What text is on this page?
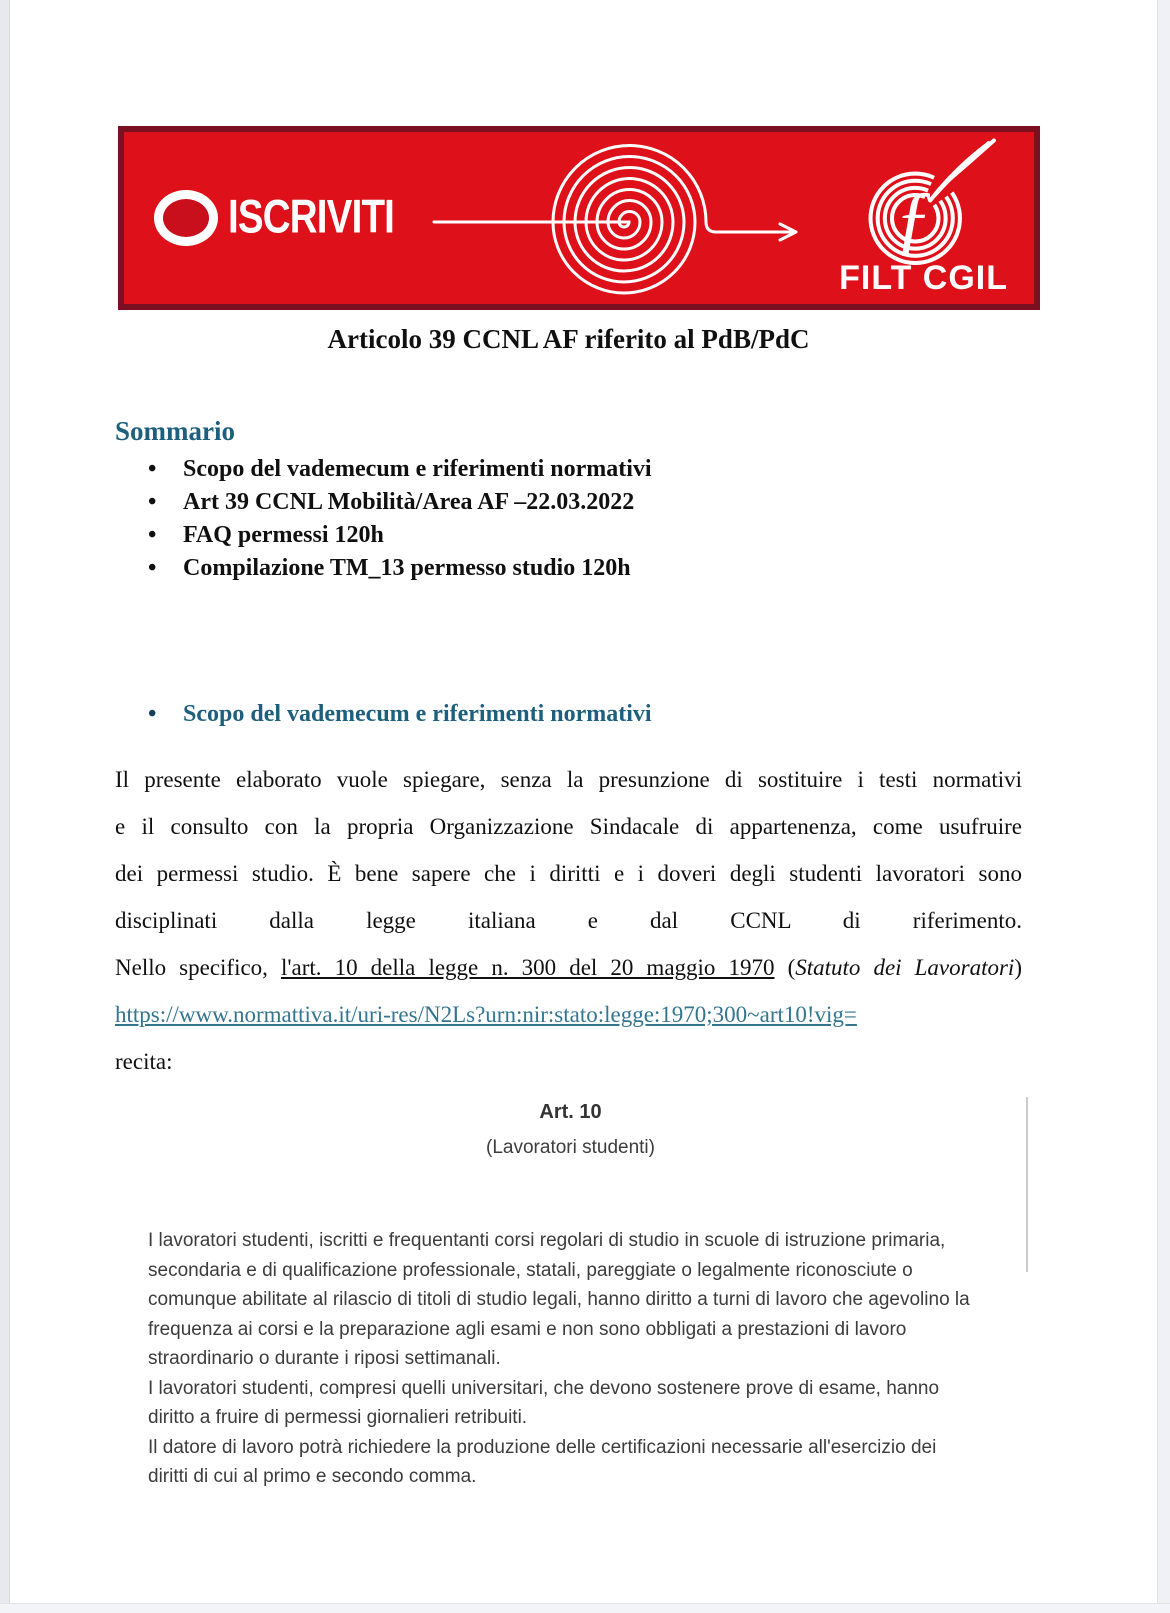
ISCRIVITI	ƒ
FILT CGIL
Articolo 39 CCNL AF riferito al PdB/PdC
Sommario
•	Scopo del vademecum e riferimenti normativi
•	Art 39 CCNL Mobilità/Area AF –22.03.2022
•	FAQ permessi 120h
•	Compilazione TM_13 permesso studio 120h
•	Scopo del vademecum e riferimenti normativi
Il presente elaborato vuole spiegare, senza la presunzione di sostituire i testi normativi
e il consulto con la propria Organizzazione Sindacale di appartenenza, come usufruire
dei permessi studio. È bene sapere che i diritti e i doveri degli studenti lavoratori sono
disciplinati dalla legge italiana e dal CCNL di riferimento.
Nello specifico, l'art. 10 della legge n. 300 del 20 maggio 1970 (Statuto dei Lavoratori)
https://www.normattiva.it/uri-res/N2Ls?urn:nir:stato:legge:1970;300~art10!vig=
recita:
Art. 10
(Lavoratori studenti)

I lavoratori studenti, iscritti e frequentanti corsi regolari di studio in scuole di istruzione primaria, secondaria e di qualificazione professionale, statali, pareggiate o legalmente riconosciute o comunque abilitate al rilascio di titoli di studio legali, hanno diritto a turni di lavoro che agevolino la frequenza ai corsi e la preparazione agli esami e non sono obbligati a prestazioni di lavoro straordinario o durante i riposi settimanali.

I lavoratori studenti, compresi quelli universitari, che devono sostenere prove di esame, hanno diritto a fruire di permessi giornalieri retribuiti.

Il datore di lavoro potrà richiedere la produzione delle certificazioni necessarie all'esercizio dei diritti di cui al primo e secondo comma.
